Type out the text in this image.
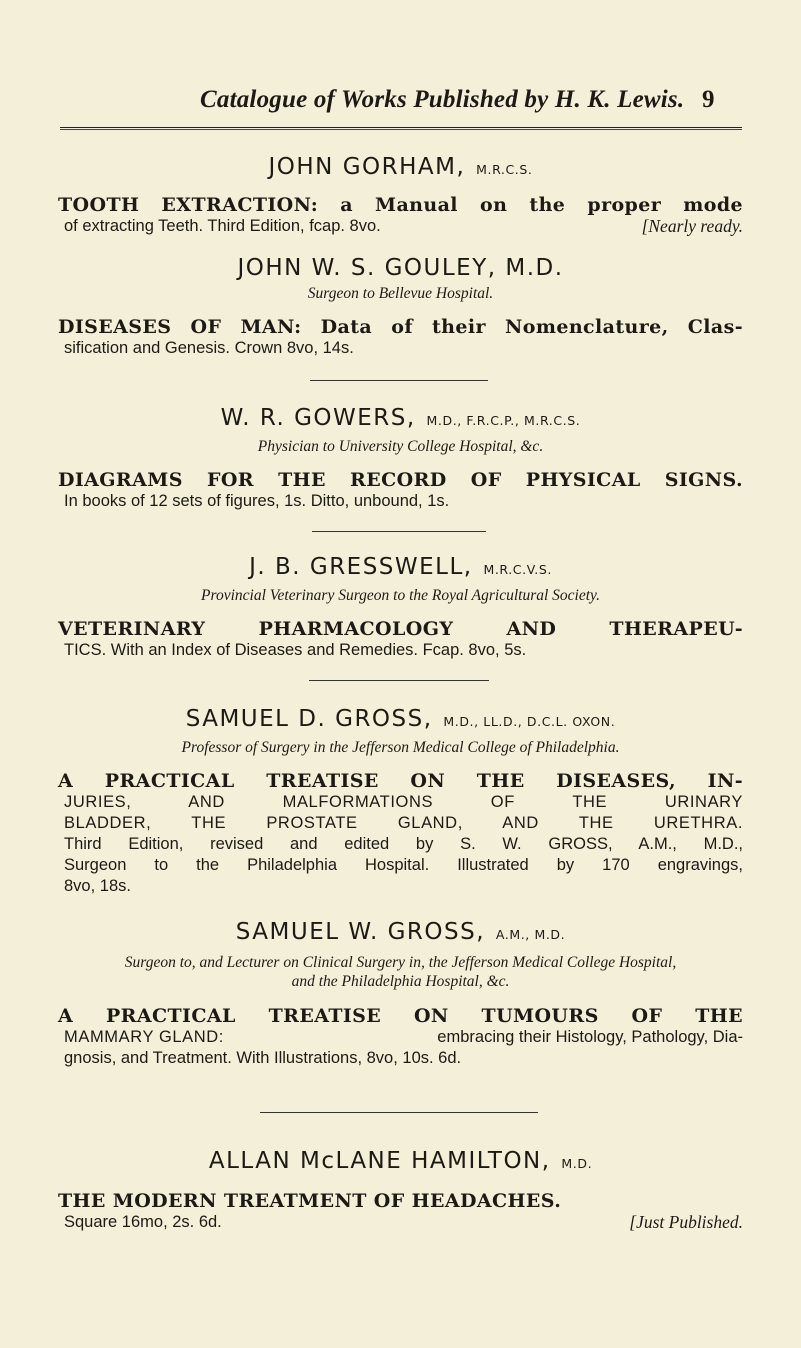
Catalogue of Works Published by H. K. Lewis. 9

JOHN GORHAM, M.R.C.S.

TOOTH EXTRACTION: a Manual on the proper mode

of extracting Teeth. Third Edition, fcap. 8vo.	[Nearly ready.

JOHN W. S. GOULEY, M.D.

Surgeon to Bellevue Hospital.

DISEASES OF MAN: Data of their Nomenclature, Clas-

sification and Genesis. Crown 8vo, 14s.

W. R. GOWERS, M.D., F.R.C.P., M.R.C.S.

Physician to University College Hospital, &c.

DIAGRAMS FOR THE RECORD OF PHYSICAL SIGNS.

In books of 12 sets of figures, 1s. Ditto, unbound, 1s.

J. B. GRESSWELL, M.R.C.V.S.

Provincial Veterinary Surgeon to the Royal Agricultural Society.

VETERINARY PHARMACOLOGY AND THERAPEU-

TICS. With an Index of Diseases and Remedies. Fcap. 8vo, 5s.

SAMUEL D. GROSS, M.D., LL.D., D.C.L. OXON.

Professor of Surgery in the Jefferson Medical College of Philadelphia.

A PRACTICAL TREATISE ON THE DISEASES, IN-

JURIES, AND MALFORMATIONS OF THE URINARY

BLADDER, THE PROSTATE GLAND, AND THE URETHRA.

Third Edition, revised and edited by S. W. GROSS, A.M., M.D.,

Surgeon to the Philadelphia Hospital. Illustrated by 170 engravings,

8vo, 18s.

SAMUEL W. GROSS, A.M., M.D.

Surgeon to, and Lecturer on Clinical Surgery in, the Jefferson Medical College Hospital,

and the Philadelphia Hospital, &c.

A PRACTICAL TREATISE ON TUMOURS OF THE

MAMMARY GLAND:	embracing their Histology, Pathology, Dia-

gnosis, and Treatment. With Illustrations, 8vo, 10s. 6d.

ALLAN McLANE HAMILTON, M.D.

THE MODERN TREATMENT OF HEADACHES.

Square 16mo, 2s. 6d.	[Just Published.
